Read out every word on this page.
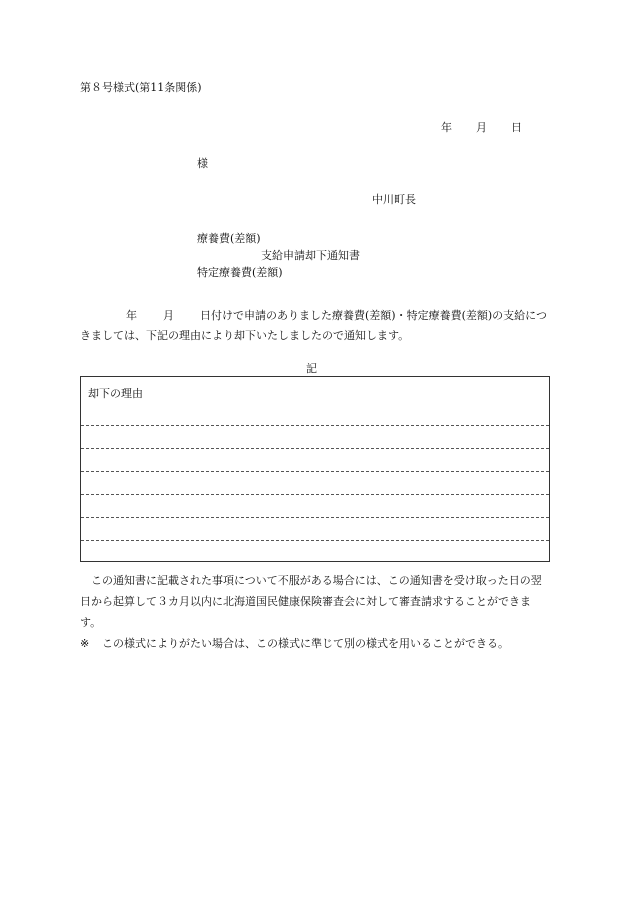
第８号様式(第11条関係)
年 月 日
様
中川町長
療養費(差額)
支給申請却下通知書
特定療養費(差額)
年 月 日付けで申請のありました療養費(差額)・特定療養費(差額)の支給につきましては、下記の理由により却下いたしましたので通知します。
記
却下の理由
この通知書に記載された事項について不服がある場合には、この通知書を受け取った日の翌日から起算して３カ月以内に北海道国民健康保険審査会に対して審査請求することができます。
※ この様式によりがたい場合は、この様式に準じて別の様式を用いることができる。
